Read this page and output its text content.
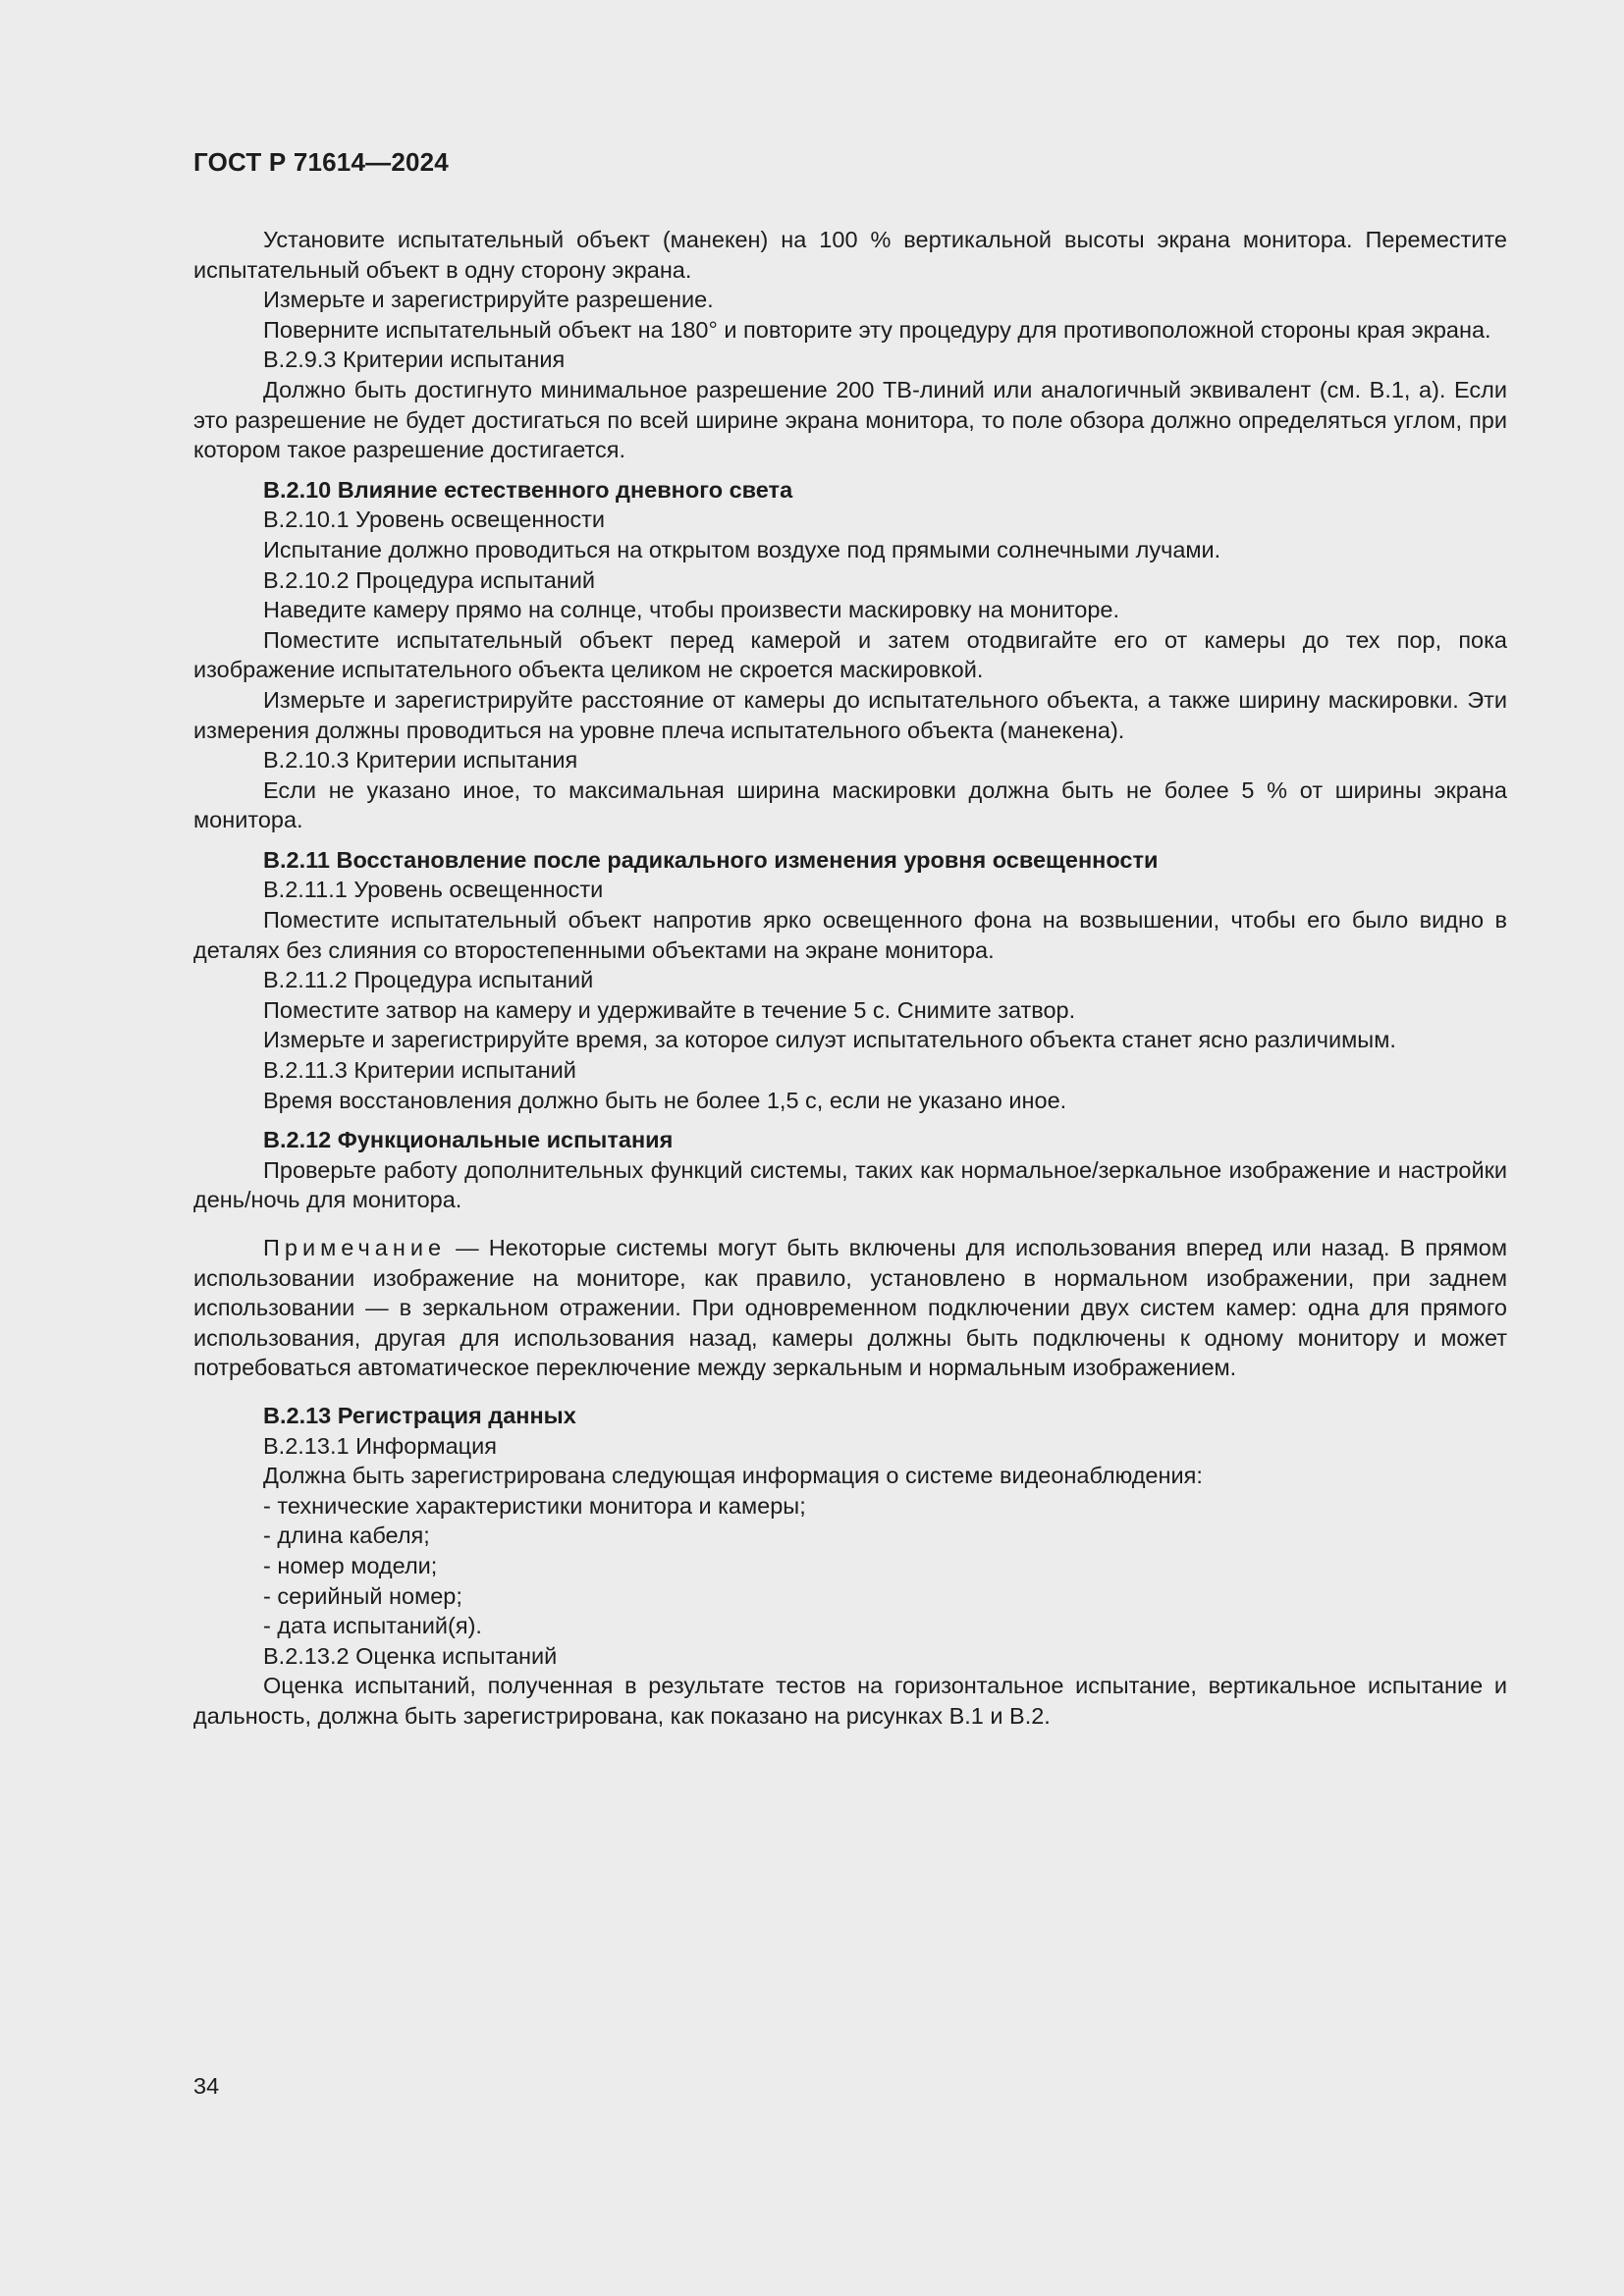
ГОСТ Р 71614—2024

Установите испытательный объект (манекен) на 100 % вертикальной высоты экрана монитора. Переместите испытательный объект в одну сторону экрана.

Измерьте и зарегистрируйте разрешение.

Поверните испытательный объект на 180° и повторите эту процедуру для противоположной стороны края экрана.

В.2.9.3 Критерии испытания

Должно быть достигнуто минимальное разрешение 200 ТВ-линий или аналогичный эквивалент (см. В.1, а). Если это разрешение не будет достигаться по всей ширине экрана монитора, то поле обзора должно определяться углом, при котором такое разрешение достигается.

В.2.10 Влияние естественного дневного света

В.2.10.1 Уровень освещенности

Испытание должно проводиться на открытом воздухе под прямыми солнечными лучами.

В.2.10.2 Процедура испытаний

Наведите камеру прямо на солнце, чтобы произвести маскировку на мониторе.

Поместите испытательный объект перед камерой и затем отодвигайте его от камеры до тех пор, пока изображение испытательного объекта целиком не скроется маскировкой.

Измерьте и зарегистрируйте расстояние от камеры до испытательного объекта, а также ширину маскировки. Эти измерения должны проводиться на уровне плеча испытательного объекта (манекена).

В.2.10.3 Критерии испытания

Если не указано иное, то максимальная ширина маскировки должна быть не более 5 % от ширины экрана монитора.

В.2.11 Восстановление после радикального изменения уровня освещенности

В.2.11.1 Уровень освещенности

Поместите испытательный объект напротив ярко освещенного фона на возвышении, чтобы его было видно в деталях без слияния со второстепенными объектами на экране монитора.

В.2.11.2 Процедура испытаний

Поместите затвор на камеру и удерживайте в течение 5 с. Снимите затвор.

Измерьте и зарегистрируйте время, за которое силуэт испытательного объекта станет ясно различимым.

В.2.11.3 Критерии испытаний

Время восстановления должно быть не более 1,5 с, если не указано иное.

В.2.12 Функциональные испытания

Проверьте работу дополнительных функций системы, таких как нормальное/зеркальное изображение и настройки день/ночь для монитора.

Примечание — Некоторые системы могут быть включены для использования вперед или назад. В прямом использовании изображение на мониторе, как правило, установлено в нормальном изображении, при заднем использовании — в зеркальном отражении. При одновременном подключении двух систем камер: одна для прямого использования, другая для использования назад, камеры должны быть подключены к одному монитору и может потребоваться автоматическое переключение между зеркальным и нормальным изображением.

В.2.13 Регистрация данных

В.2.13.1 Информация

Должна быть зарегистрирована следующая информация о системе видеонаблюдения:

- технические характеристики монитора и камеры;

- длина кабеля;

- номер модели;

- серийный номер;

- дата испытаний(я).

В.2.13.2 Оценка испытаний

Оценка испытаний, полученная в результате тестов на горизонтальное испытание, вертикальное испытание и дальность, должна быть зарегистрирована, как показано на рисунках В.1 и В.2.

34
